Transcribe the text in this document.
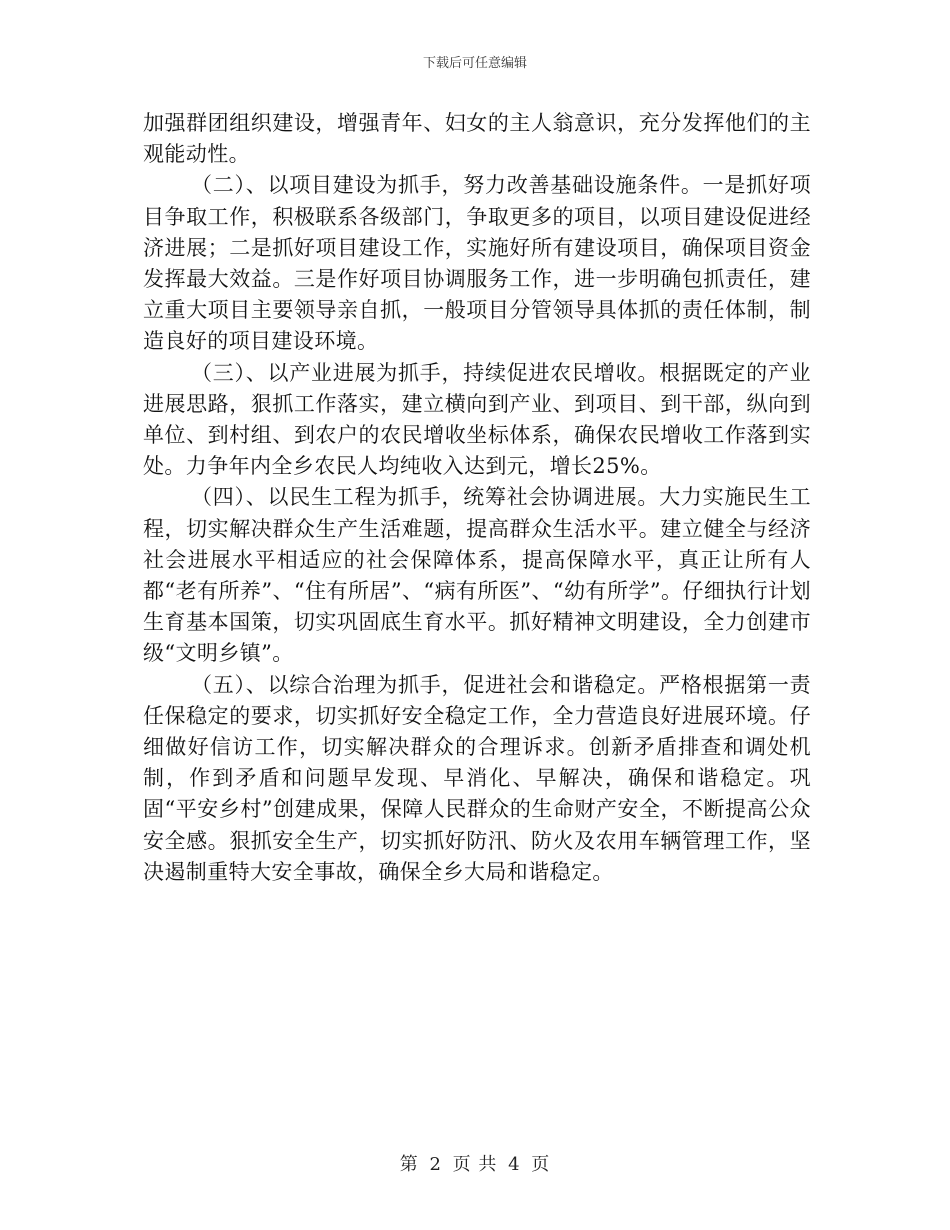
下载后可任意编辑

加强群团组织建设，增强青年、妇女的主人翁意识，充分发挥他们的主观能动性。

（二）、以项目建设为抓手，努力改善基础设施条件。一是抓好项目争取工作，积极联系各级部门，争取更多的项目，以项目建设促进经济进展；二是抓好项目建设工作，实施好所有建设项目，确保项目资金发挥最大效益。三是作好项目协调服务工作，进一步明确包抓责任，建立重大项目主要领导亲自抓，一般项目分管领导具体抓的责任体制，制造良好的项目建设环境。

（三）、以产业进展为抓手，持续促进农民增收。根据既定的产业进展思路，狠抓工作落实，建立横向到产业、到项目、到干部，纵向到单位、到村组、到农户的农民增收坐标体系，确保农民增收工作落到实处。力争年内全乡农民人均纯收入达到元，增长25%。

（四）、以民生工程为抓手，统筹社会协调进展。大力实施民生工程，切实解决群众生产生活难题，提高群众生活水平。建立健全与经济社会进展水平相适应的社会保障体系，提高保障水平，真正让所有人都“老有所养”、“住有所居”、“病有所医”、“幼有所学”。仔细执行计划生育基本国策，切实巩固底生育水平。抓好精神文明建设，全力创建市级“文明乡镇”。

（五）、以综合治理为抓手，促进社会和谐稳定。严格根据第一责任保稳定的要求，切实抓好安全稳定工作，全力营造良好进展环境。仔细做好信访工作，切实解决群众的合理诉求。创新矛盾排查和调处机制，作到矛盾和问题早发现、早消化、早解决，确保和谐稳定。巩固“平安乡村”创建成果，保障人民群众的生命财产安全，不断提高公众安全感。狠抓安全生产，切实抓好防汛、防火及农用车辆管理工作，坚决遏制重特大安全事故，确保全乡大局和谐稳定。

第 2 页 共 4 页
